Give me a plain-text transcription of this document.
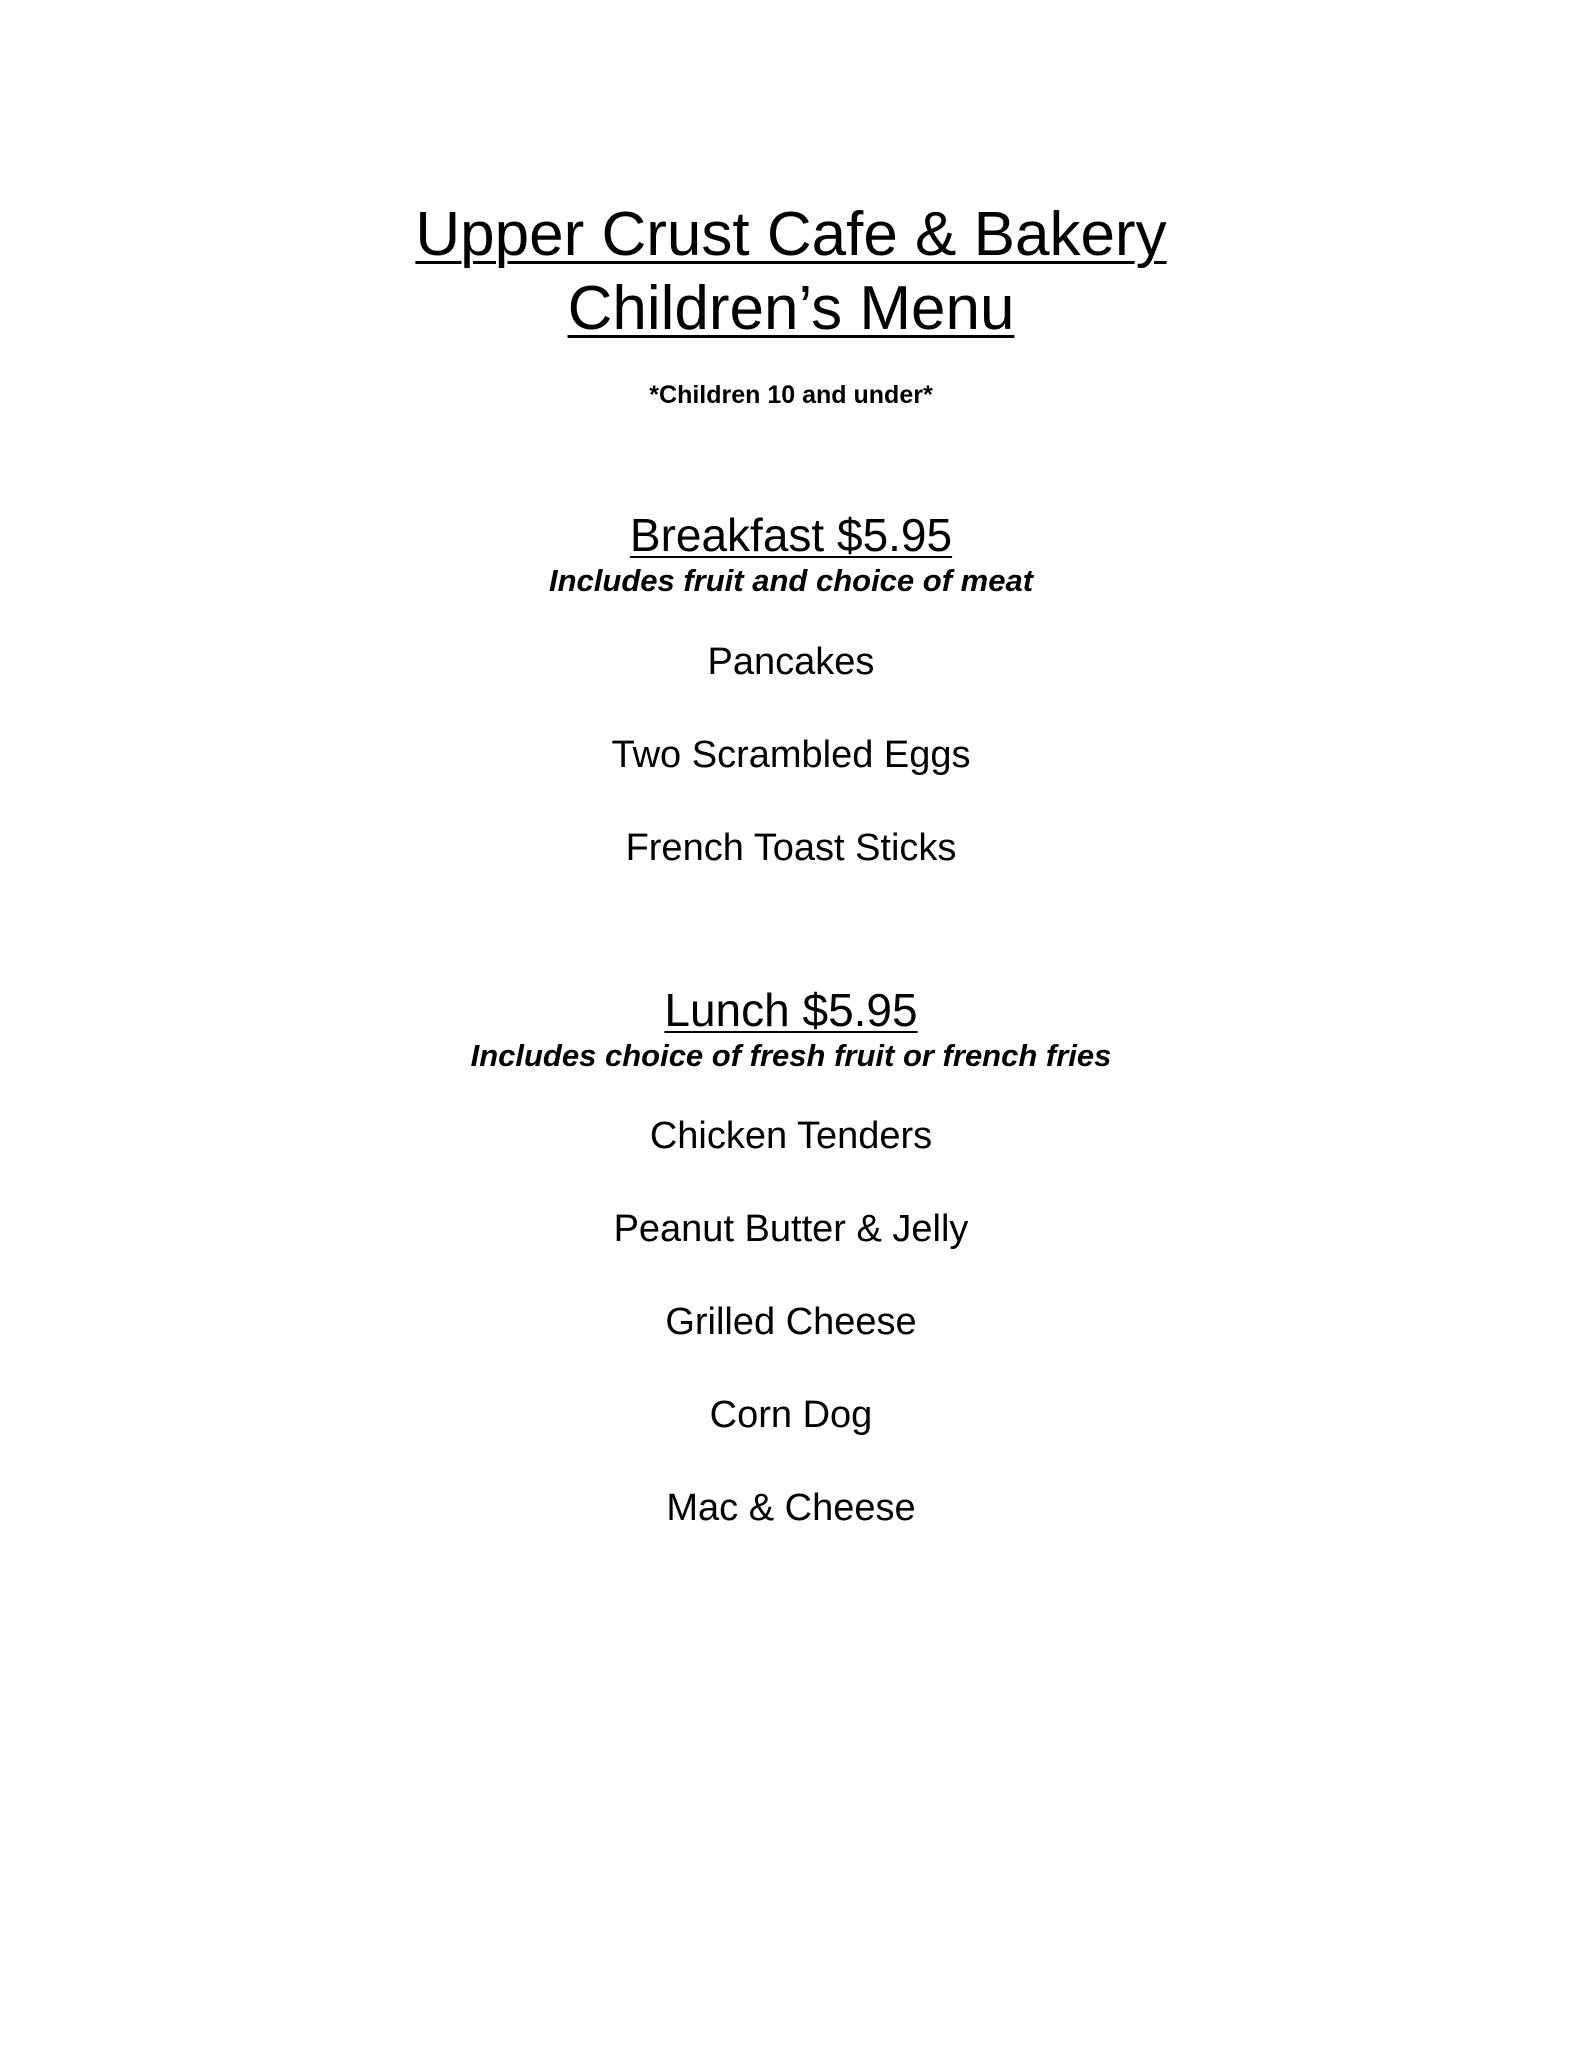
Upper Crust Cafe & Bakery
Children’s Menu
*Children 10 and under*
Breakfast $5.95
Includes fruit and choice of meat
Pancakes
Two Scrambled Eggs
French Toast Sticks
Lunch $5.95
Includes choice of fresh fruit or french fries
Chicken Tenders
Peanut Butter & Jelly
Grilled Cheese
Corn Dog
Mac & Cheese
